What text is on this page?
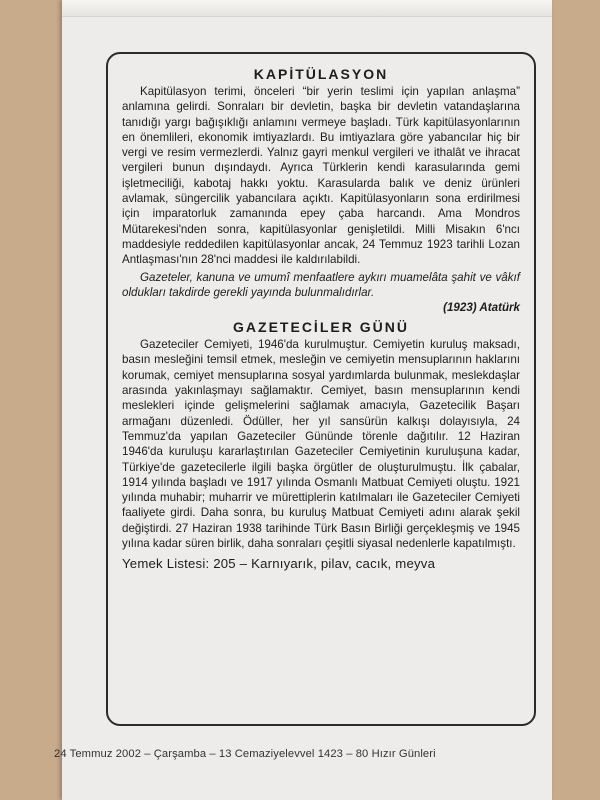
KAPİTÜLASYON

Kapitülasyon terimi, önceleri “bir yerin teslimi için yapılan anlaşma” anlamına gelirdi. Sonraları bir devletin, başka bir devletin vatandaşlarına tanıdığı yargı bağışıklığı anlamını vermeye başladı. Türk kapitülasyonlarının en önemlileri, ekonomik imtiyazlardı. Bu imtiyazlara göre yabancılar hiç bir vergi ve resim vermezlerdi. Yalnız gayri menkul vergileri ve ithalât ve ihracat vergileri bunun dışındaydı. Ayrıca Türklerin kendi karasularında gemi işletmeciliği, kabotaj hakkı yoktu. Karasularda balık ve deniz ürünleri avlamak, süngercilik yabancılara açıktı. Kapitülasyonların sona erdirilmesi için imparatorluk zamanında epey çaba harcandı. Ama Mondros Mütarekesi'nden sonra, kapitülasyonlar genişletildi. Milli Misakın 6'ncı maddesiyle reddedilen kapitülasyonlar ancak, 24 Temmuz 1923 tarihli Lozan Antlaşması'nın 28'nci maddesi ile kaldırılabildi.

Gazeteler, kanuna ve umumî menfaatlere aykırı muamelâta şahit ve vâkıf oldukları takdirde gerekli yayında bulunmalıdırlar.

(1923) Atatürk
GAZETECİLER GÜNÜ

Gazeteciler Cemiyeti, 1946'da kurulmuştur. Cemiyetin kuruluş maksadı, basın mesleğini temsil etmek, mesleğin ve cemiyetin mensuplarının haklarını korumak, cemiyet mensuplarına sosyal yardımlarda bulunmak, meslekdaşlar arasında yakınlaşmayı sağlamaktır. Cemiyet, basın mensuplarının kendi meslekleri içinde gelişmelerini sağlamak amacıyla, Gazetecilik Başarı armağanı düzenledi. Ödüller, her yıl sansürün kalkışı dolayısıyla, 24 Temmuz'da yapılan Gazeteciler Gününde törenle dağıtılır. 12 Haziran 1946'da kuruluşu kararlaştırılan Gazeteciler Cemiyetinin kuruluşuna kadar, Türkiye'de gazetecilerle ilgili başka örgütler de oluşturulmuştu. İlk çabalar, 1914 yılında başladı ve 1917 yılında Osmanlı Matbuat Cemiyeti oluştu. 1921 yılında muhabir; muharrir ve mürettiplerin katılmaları ile Gazeteciler Cemiyeti faaliyete girdi. Daha sonra, bu kuruluş Matbuat Cemiyeti adını alarak şekil değiştirdi. 27 Haziran 1938 tarihinde Türk Basın Birliği gerçekleşmiş ve 1945 yılına kadar süren birlik, daha sonraları çeşitli siyasal nedenlerle kapatılmıştı.

Yemek Listesi: 205 – Karnıyarık, pilav, cacık, meyva
24 Temmuz 2002 – Çarşamba – 13 Cemaziyelevvel 1423 – 80 Hızır Günleri
